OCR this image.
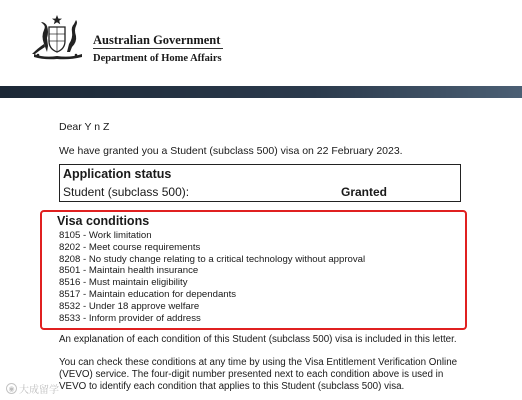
Australian Government
Department of Home Affairs
Dear Y n Z
We have granted you a Student (subclass 500) visa on 22 February 2023.
Application status
Student (subclass 500):	Granted
Visa conditions
8105 - Work limitation
8202 - Meet course requirements
8208 - No study change relating to a critical technology without approval
8501 - Maintain health insurance
8516 - Must maintain eligibility
8517 - Maintain education for dependants
8532 - Under 18 approve welfare
8533 - Inform provider of address
An explanation of each condition of this Student (subclass 500) visa is included in this letter.
You can check these conditions at any time by using the Visa Entitlement Verification Online (VEVO) service. The four-digit number presented next to each condition above is used in VEVO to identify each condition that applies to this Student (subclass 500) visa.
◉ 大成留学
